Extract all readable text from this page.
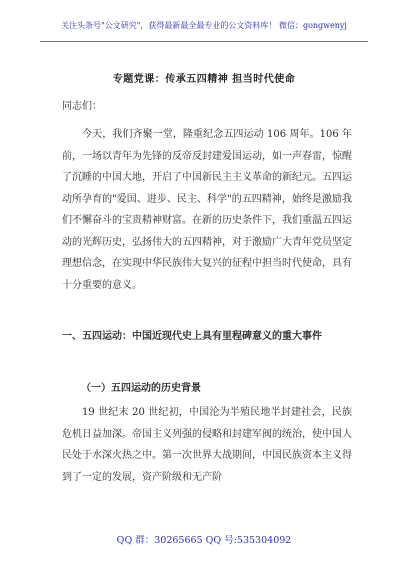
关注头条号"公文研究"，获得最新最全最专业的公文资料库！ 微信：gongwenyj
专题党课：传承五四精神 担当时代使命
同志们：

今天，我们齐聚一堂，隆重纪念五四运动 106 周年。106 年前，一场以青年为先锋的反帝反封建爱国运动，如一声春雷，惊醒了沉睡的中国大地，开启了中国新民主主义革命的新纪元。五四运动所孕育的"爱国、进步、民主、科学"的五四精神，始终是激励我们不懈奋斗的宝贵精神财富。在新的历史条件下，我们重温五四运动的光辉历史，弘扬伟大的五四精神，对于激励广大青年党员坚定理想信念，在实现中华民族伟大复兴的征程中担当时代使命，具有十分重要的意义。

一、五四运动：中国近现代史上具有里程碑意义的重大事件

（一）五四运动的历史背景

19 世纪末 20 世纪初，中国沦为半殖民地半封建社会，民族危机日益加深。帝国主义列强的侵略和封建军阀的统治，使中国人民处于水深火热之中。第一次世界大战期间，中国民族资本主义得到了一定的发展，资产阶级和无产阶

QQ 群：30265665 QQ 号:535304092
